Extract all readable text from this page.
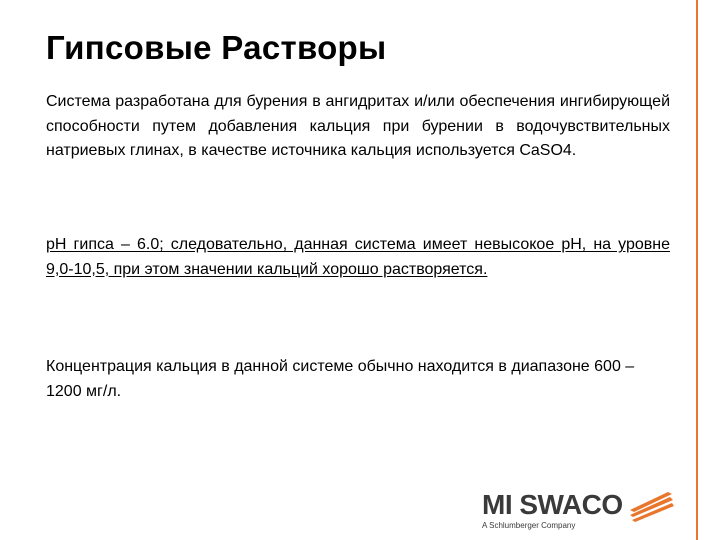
Гипсовые Растворы

Система разработана для бурения в ангидритах и/или обеспечения ингибирующей способности путем добавления кальция при бурении в водочувствительных натриевых глинах, в качестве источника кальция используется CaSO4.

pH гипса – 6.0; следовательно, данная система имеет невысокое pH, на уровне 9,0-10,5, при этом значении кальций хорошо растворяется.

Концентрация кальция в данной системе обычно находится в диапазоне 600 – 1200 мг/л.

MI SWACO
A Schlumberger Company
